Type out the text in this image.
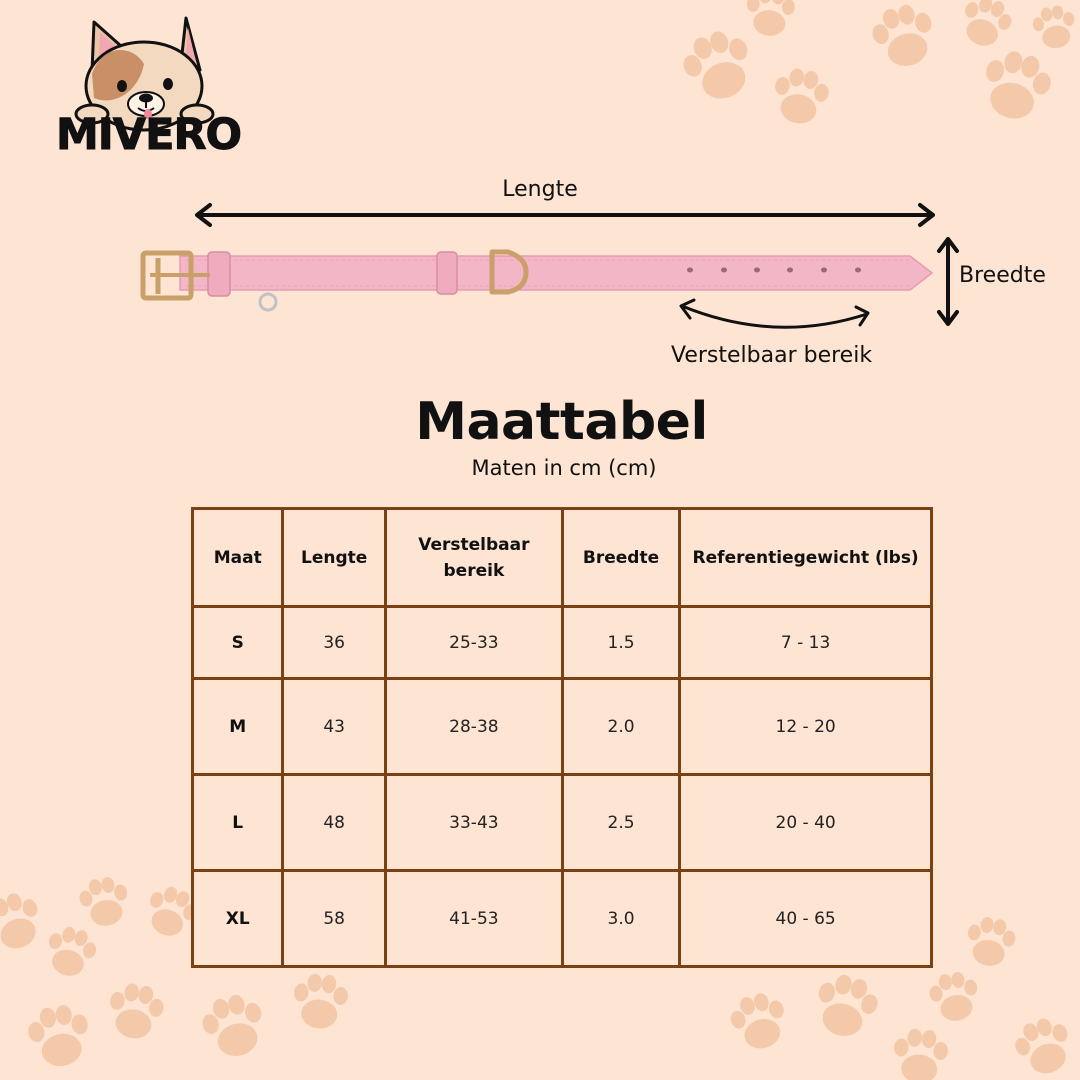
MIVERO
Lengte
Breedte
Verstelbaar bereik
Maattabel
Maten in cm (cm)
Maat	Lengte	Verstelbaar bereik	Breedte	Referentiegewicht (lbs)
S	36	25-33	1.5	7 - 13
M	43	28-38	2.0	12 - 20
L	48	33-43	2.5	20 - 40
XL	58	41-53	3.0	40 - 65
